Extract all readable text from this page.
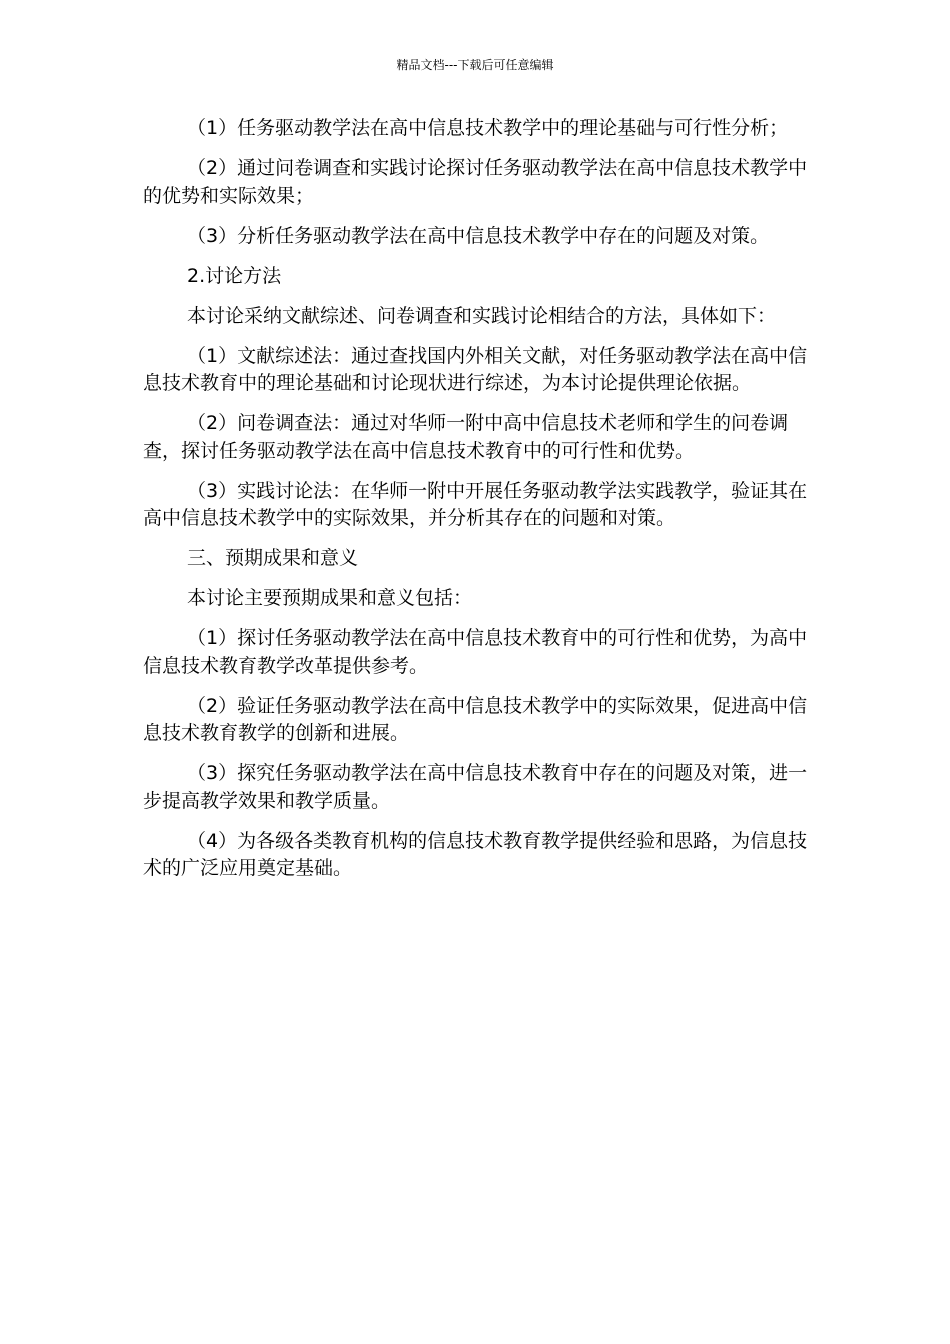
精品文档---下载后可任意编辑

（1）任务驱动教学法在高中信息技术教学中的理论基础与可行性分析；

（2）通过问卷调查和实践讨论探讨任务驱动教学法在高中信息技术教学中的优势和实际效果；

（3）分析任务驱动教学法在高中信息技术教学中存在的问题及对策。

2.讨论方法

本讨论采纳文献综述、问卷调查和实践讨论相结合的方法，具体如下：

（1）文献综述法：通过查找国内外相关文献，对任务驱动教学法在高中信息技术教育中的理论基础和讨论现状进行综述，为本讨论提供理论依据。

（2）问卷调查法：通过对华师一附中高中信息技术老师和学生的问卷调查，探讨任务驱动教学法在高中信息技术教育中的可行性和优势。

（3）实践讨论法：在华师一附中开展任务驱动教学法实践教学，验证其在高中信息技术教学中的实际效果，并分析其存在的问题和对策。

三、预期成果和意义

本讨论主要预期成果和意义包括：

（1）探讨任务驱动教学法在高中信息技术教育中的可行性和优势，为高中信息技术教育教学改革提供参考。

（2）验证任务驱动教学法在高中信息技术教学中的实际效果，促进高中信息技术教育教学的创新和进展。

（3）探究任务驱动教学法在高中信息技术教育中存在的问题及对策，进一步提高教学效果和教学质量。

（4）为各级各类教育机构的信息技术教育教学提供经验和思路，为信息技术的广泛应用奠定基础。
